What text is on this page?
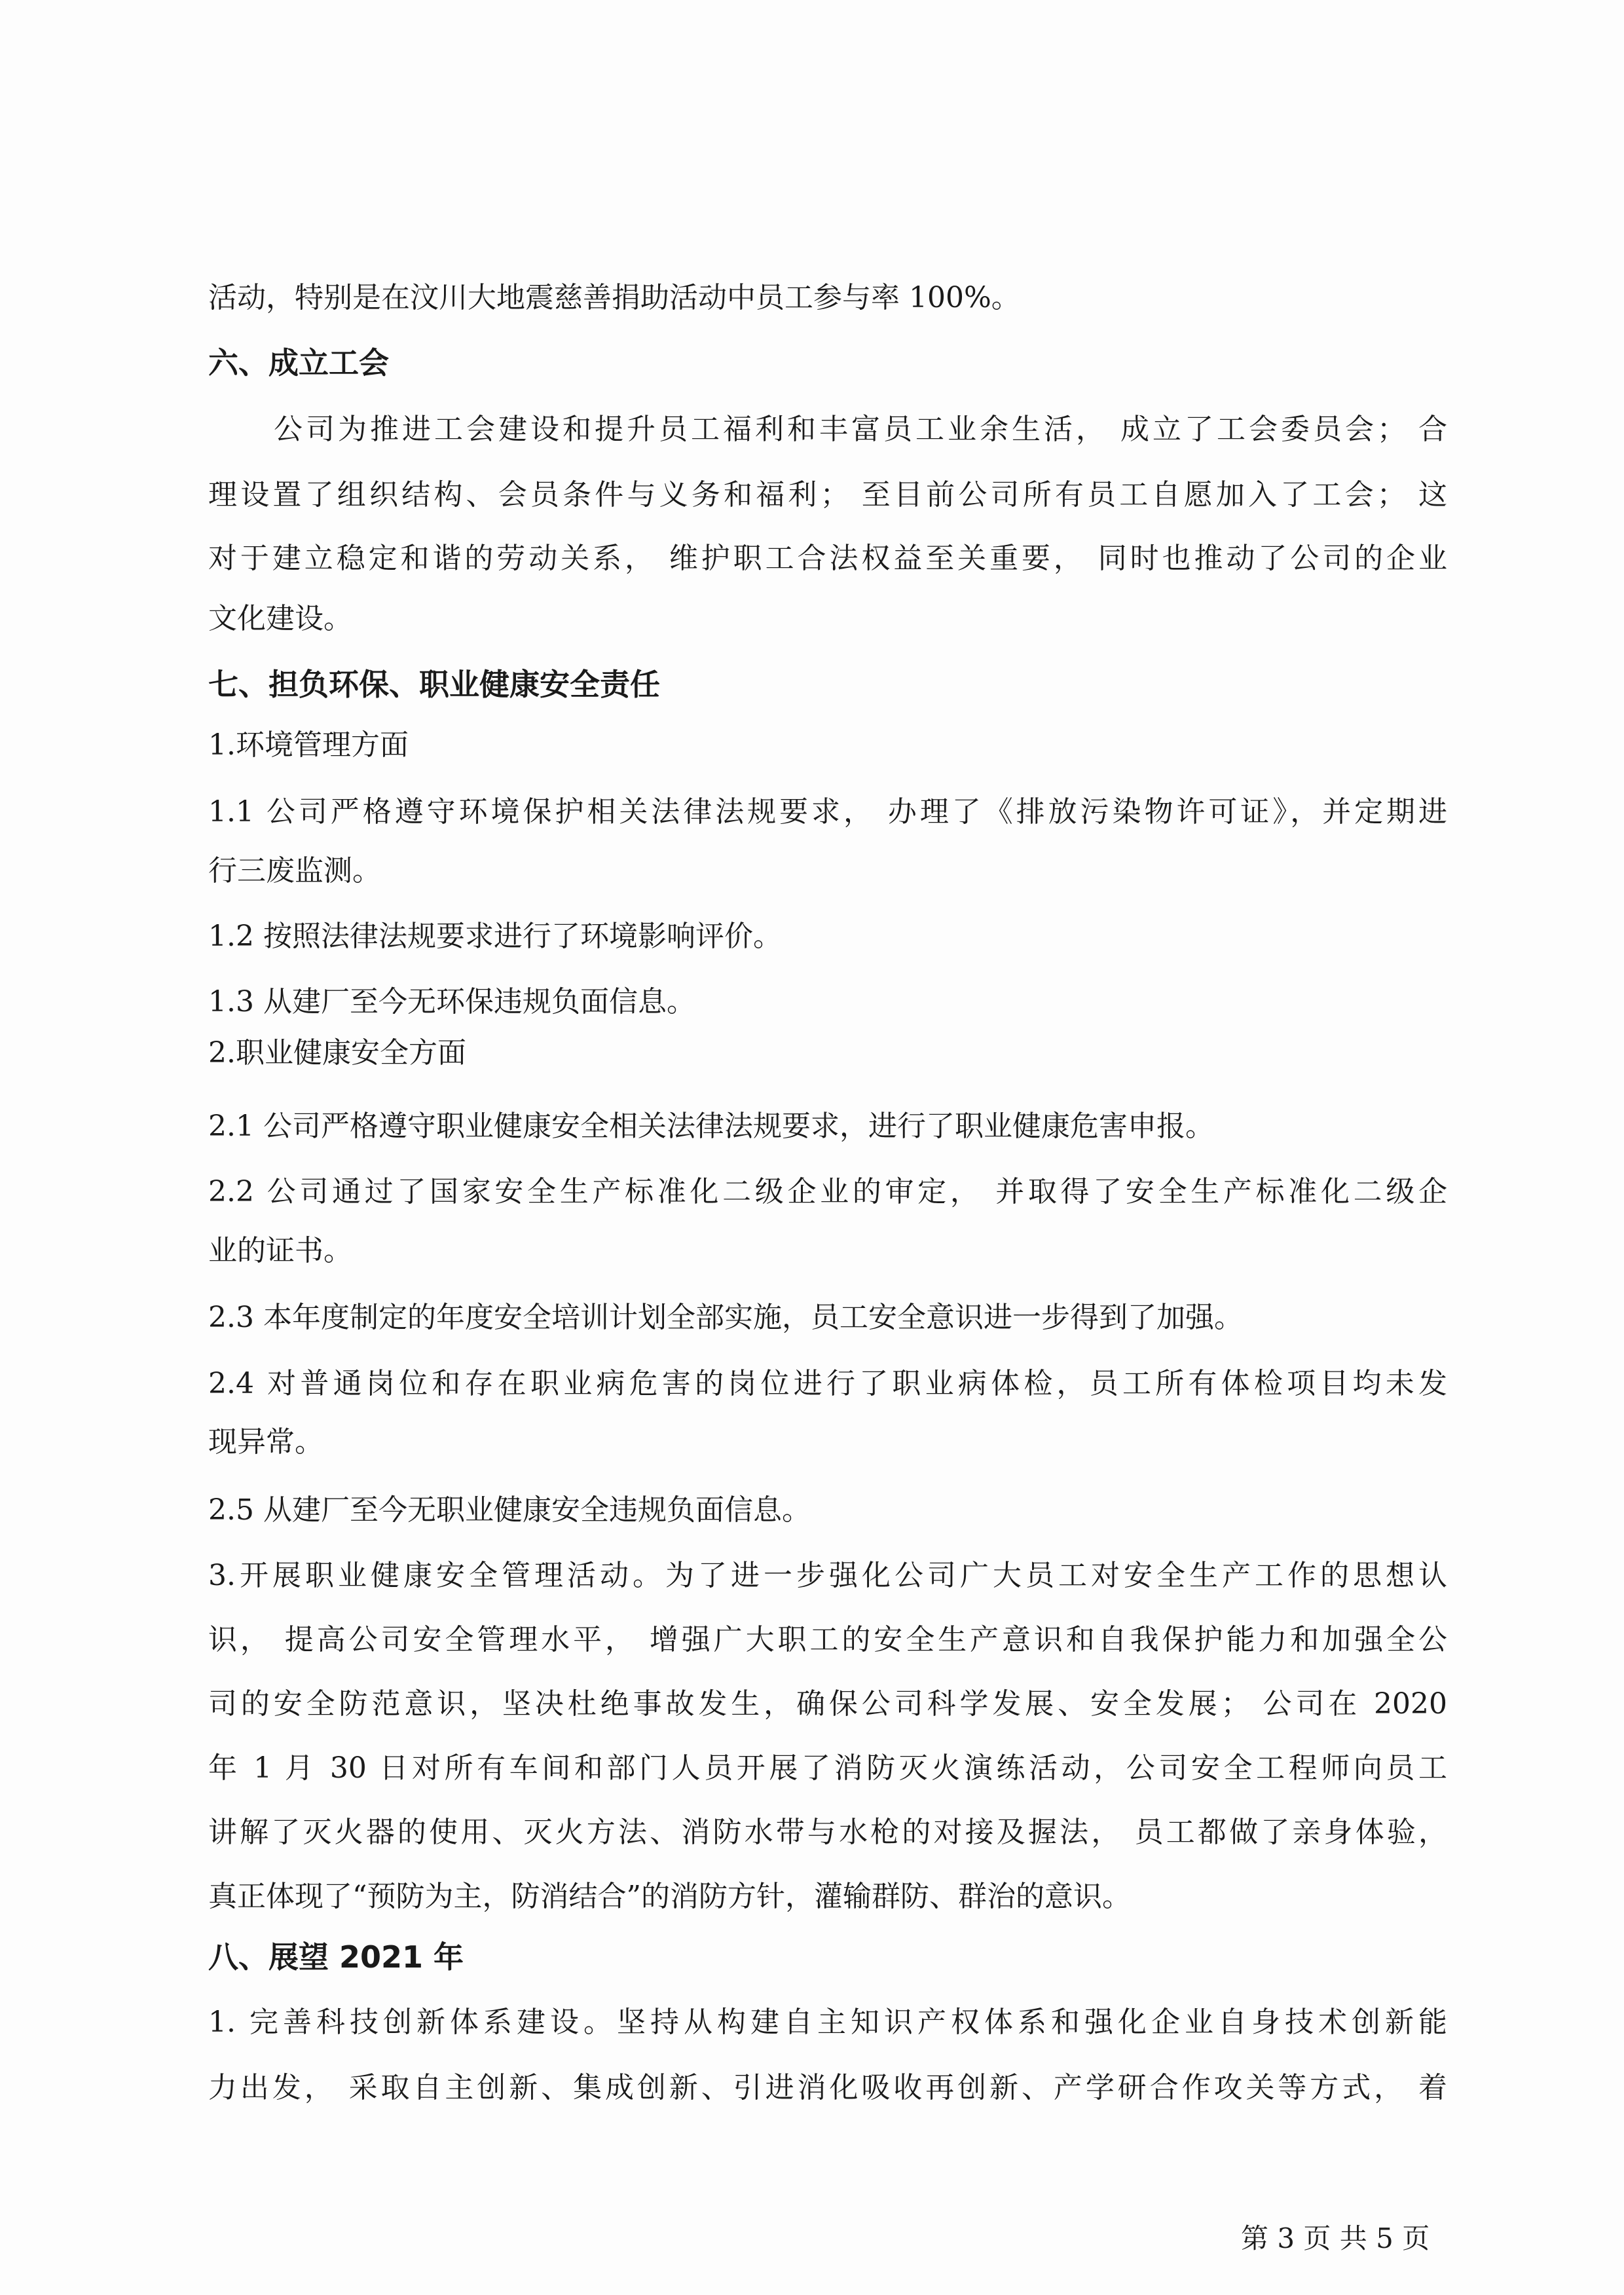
活动，特别是在汶川大地震慈善捐助活动中员工参与率 100%。
六、成立工会
公司为推进工会建设和提升员工福利和丰富员工业余生活， 成立了工会委员会； 合
理设置了组织结构、会员条件与义务和福利； 至目前公司所有员工自愿加入了工会； 这
对于建立稳定和谐的劳动关系， 维护职工合法权益至关重要， 同时也推动了公司的企业
文化建设。
七、担负环保、职业健康安全责任
1.环境管理方面
1.1 公司严格遵守环境保护相关法律法规要求， 办理了《排放污染物许可证》，并定期进
行三废监测。
1.2 按照法律法规要求进行了环境影响评价。
1.3 从建厂至今无环保违规负面信息。
2.职业健康安全方面
2.1 公司严格遵守职业健康安全相关法律法规要求，进行了职业健康危害申报。
2.2 公司通过了国家安全生产标准化二级企业的审定， 并取得了安全生产标准化二级企
业的证书。
2.3 本年度制定的年度安全培训计划全部实施，员工安全意识进一步得到了加强。
2.4 对普通岗位和存在职业病危害的岗位进行了职业病体检，员工所有体检项目均未发
现异常。
2.5 从建厂至今无职业健康安全违规负面信息。
3.开展职业健康安全管理活动。为了进一步强化公司广大员工对安全生产工作的思想认
识， 提高公司安全管理水平， 增强广大职工的安全生产意识和自我保护能力和加强全公
司的安全防范意识，坚决杜绝事故发生，确保公司科学发展、安全发展； 公司在 2020
年 1 月 30 日对所有车间和部门人员开展了消防灭火演练活动，公司安全工程师向员工
讲解了灭火器的使用、灭火方法、消防水带与水枪的对接及握法， 员工都做了亲身体验，
真正体现了“预防为主，防消结合”的消防方针，灌输群防、群治的意识。
八、展望 2021 年
1. 完善科技创新体系建设。坚持从构建自主知识产权体系和强化企业自身技术创新能
力出发， 采取自主创新、集成创新、引进消化吸收再创新、产学研合作攻关等方式， 着
第 3 页 共 5 页
